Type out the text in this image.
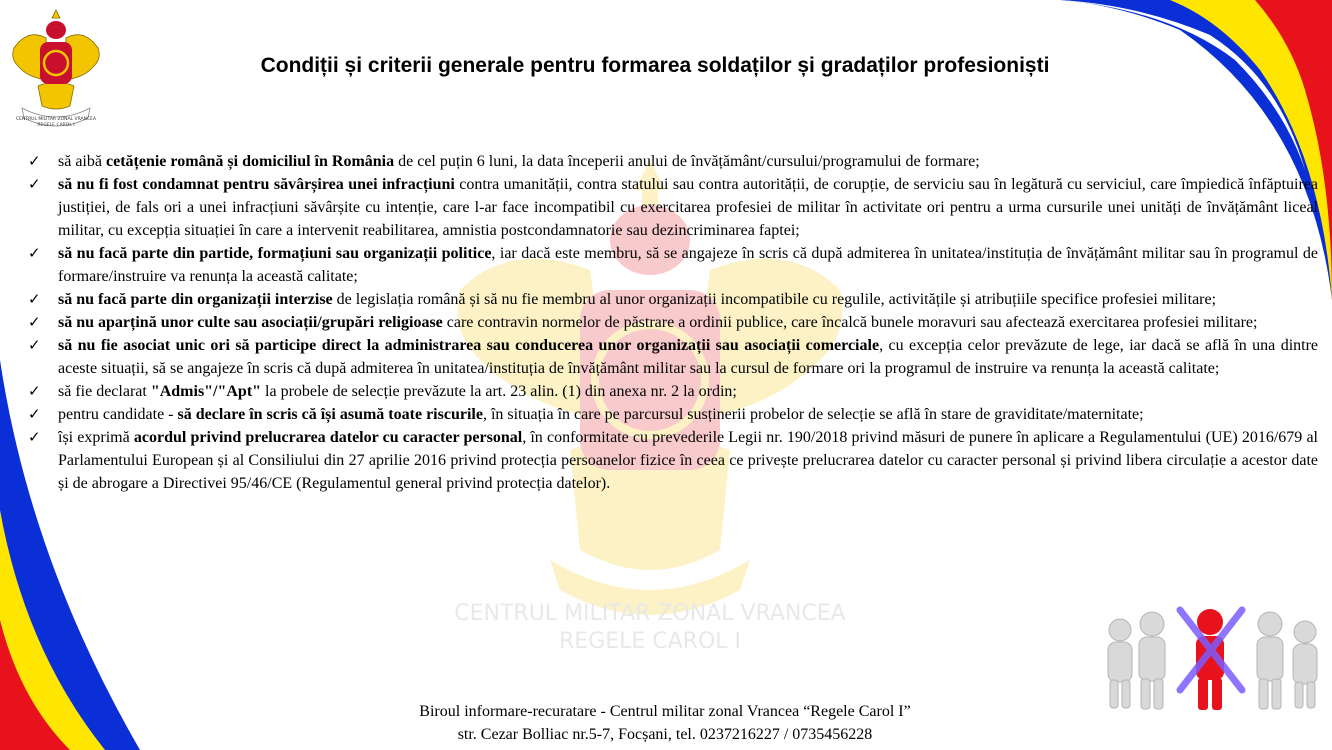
CENTRUL MILITAR ZONAL VRANCEA
REGELE CAROL I
CENTRUL MILITAR ZONAL VRANCEA
REGELE CAROL I
Condiții și criterii generale pentru formarea soldaților și gradaților profesioniști
✓	să aibă cetățenie română și domiciliul în România de cel puțin 6 luni, la data începerii anului de învățământ/cursului/programului de formare;
✓	să nu fi fost condamnat pentru săvârșirea unei infracțiuni contra umanității, contra statului sau contra autorității, de corupție, de serviciu sau în legătură cu serviciul, care împiedică înfăptuirea justiției, de fals ori a unei infracțiuni săvârșite cu intenție, care l-ar face incompatibil cu exercitarea profesiei de militar în activitate ori pentru a urma cursurile unei unități de învățământ liceal militar, cu excepția situației în care a intervenit reabilitarea, amnistia postcondamnatorie sau dezincriminarea faptei;
✓	să nu facă parte din partide, formațiuni sau organizații politice, iar dacă este membru, să se angajeze în scris că după admiterea în unitatea/instituția de învățământ militar sau în programul de formare/instruire va renunța la această calitate;
✓	să nu facă parte din organizații interzise de legislația română și să nu fie membru al unor organizații incompatibile cu regulile, activitățile și atribuțiile specifice profesiei militare;
✓	să nu aparțină unor culte sau asociații/grupări religioase care contravin normelor de păstrare a ordinii publice, care încalcă bunele moravuri sau afectează exercitarea profesiei militare;
✓	să nu fie asociat unic ori să participe direct la administrarea sau conducerea unor organizații sau asociații comerciale, cu excepția celor prevăzute de lege, iar dacă se află în una dintre aceste situații, să se angajeze în scris că după admiterea în unitatea/instituția de învățământ militar sau la cursul de formare ori la programul de instruire va renunța la această calitate;
✓	să fie declarat "Admis"/"Apt" la probele de selecție prevăzute la art. 23 alin. (1) din anexa nr. 2 la ordin;
✓	pentru candidate - să declare în scris că își asumă toate riscurile, în situația în care pe parcursul susținerii probelor de selecție se află în stare de graviditate/maternitate;
✓	își exprimă acordul privind prelucrarea datelor cu caracter personal, în conformitate cu prevederile Legii nr. 190/2018 privind măsuri de punere în aplicare a Regulamentului (UE) 2016/679 al Parlamentului European și al Consiliului din 27 aprilie 2016 privind protecția persoanelor fizice în ceea ce privește prelucrarea datelor cu caracter personal și privind libera circulație a acestor date și de abrogare a Directivei 95/46/CE (Regulamentul general privind protecția datelor).
Biroul informare-recuratare - Centrul militar zonal Vrancea “Regele Carol I”
str. Cezar Bolliac nr.5-7, Focșani, tel. 0237216227 / 0735456228
